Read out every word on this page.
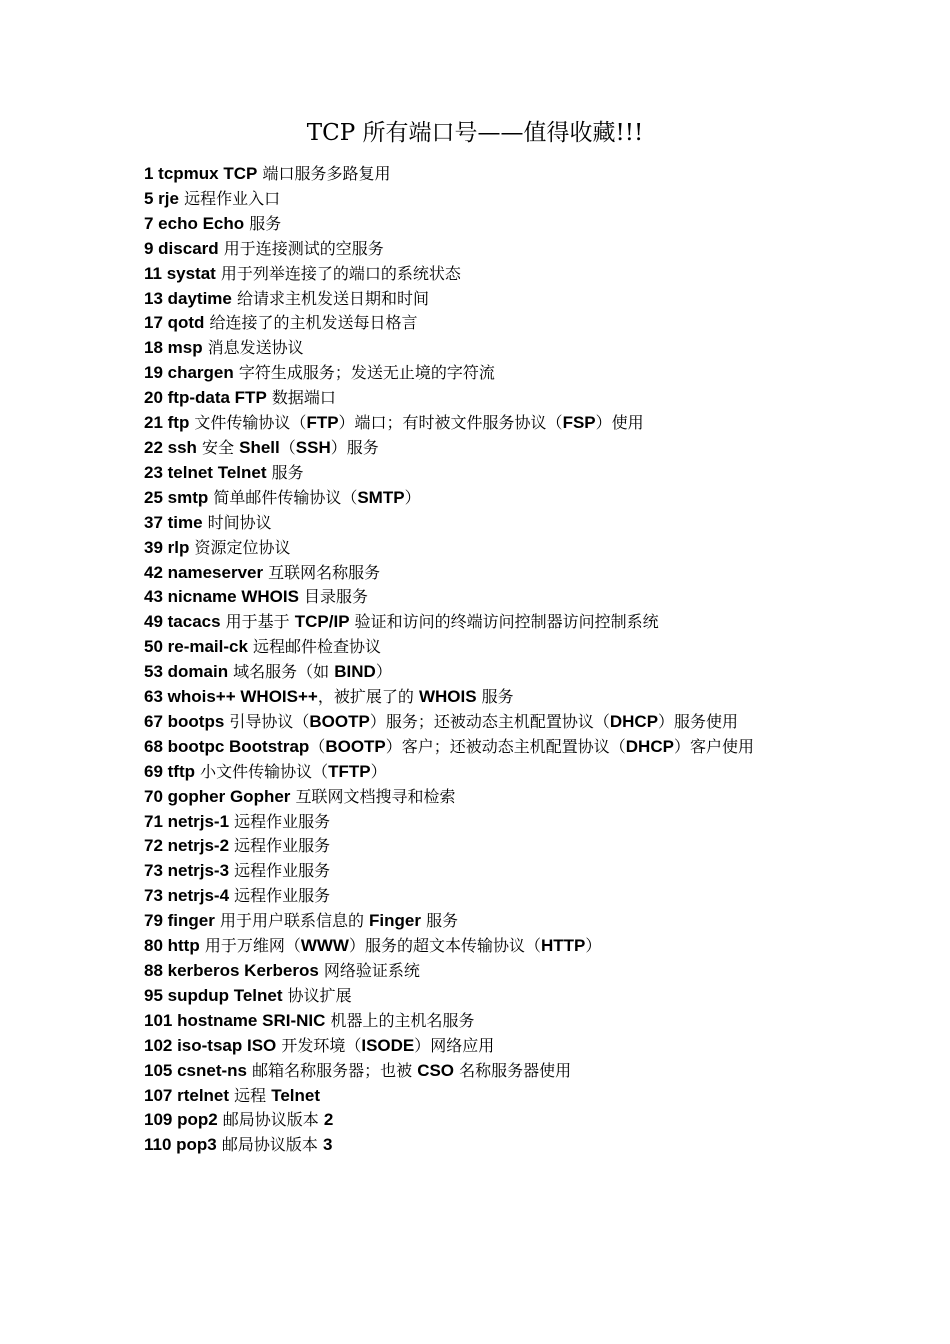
TCP 所有端口号——值得收藏!!!
1 tcpmux TCP 端口服务多路复用
5 rje 远程作业入口
7 echo Echo 服务
9 discard 用于连接测试的空服务
11 systat 用于列举连接了的端口的系统状态
13 daytime 给请求主机发送日期和时间
17 qotd 给连接了的主机发送每日格言
18 msp 消息发送协议
19 chargen 字符生成服务；发送无止境的字符流
20 ftp-data FTP 数据端口
21 ftp 文件传输协议（FTP）端口；有时被文件服务协议（FSP）使用
22 ssh 安全 Shell（SSH）服务
23 telnet Telnet 服务
25 smtp 简单邮件传输协议（SMTP）
37 time 时间协议
39 rlp 资源定位协议
42 nameserver 互联网名称服务
43 nicname WHOIS 目录服务
49 tacacs 用于基于 TCP/IP 验证和访问的终端访问控制器访问控制系统
50 re-mail-ck 远程邮件检查协议
53 domain 域名服务（如 BIND）
63 whois++ WHOIS++，被扩展了的 WHOIS 服务
67 bootps 引导协议（BOOTP）服务；还被动态主机配置协议（DHCP）服务使用
68 bootpc Bootstrap（BOOTP）客户；还被动态主机配置协议（DHCP）客户使用
69 tftp 小文件传输协议（TFTP）
70 gopher Gopher 互联网文档搜寻和检索
71 netrjs-1 远程作业服务
72 netrjs-2 远程作业服务
73 netrjs-3 远程作业服务
73 netrjs-4 远程作业服务
79 finger 用于用户联系信息的 Finger 服务
80 http 用于万维网（WWW）服务的超文本传输协议（HTTP）
88 kerberos Kerberos 网络验证系统
95 supdup Telnet 协议扩展
101 hostname SRI-NIC 机器上的主机名服务
102 iso-tsap ISO 开发环境（ISODE）网络应用
105 csnet-ns 邮箱名称服务器；也被 CSO 名称服务器使用
107 rtelnet 远程 Telnet
109 pop2 邮局协议版本 2
110 pop3 邮局协议版本 3
